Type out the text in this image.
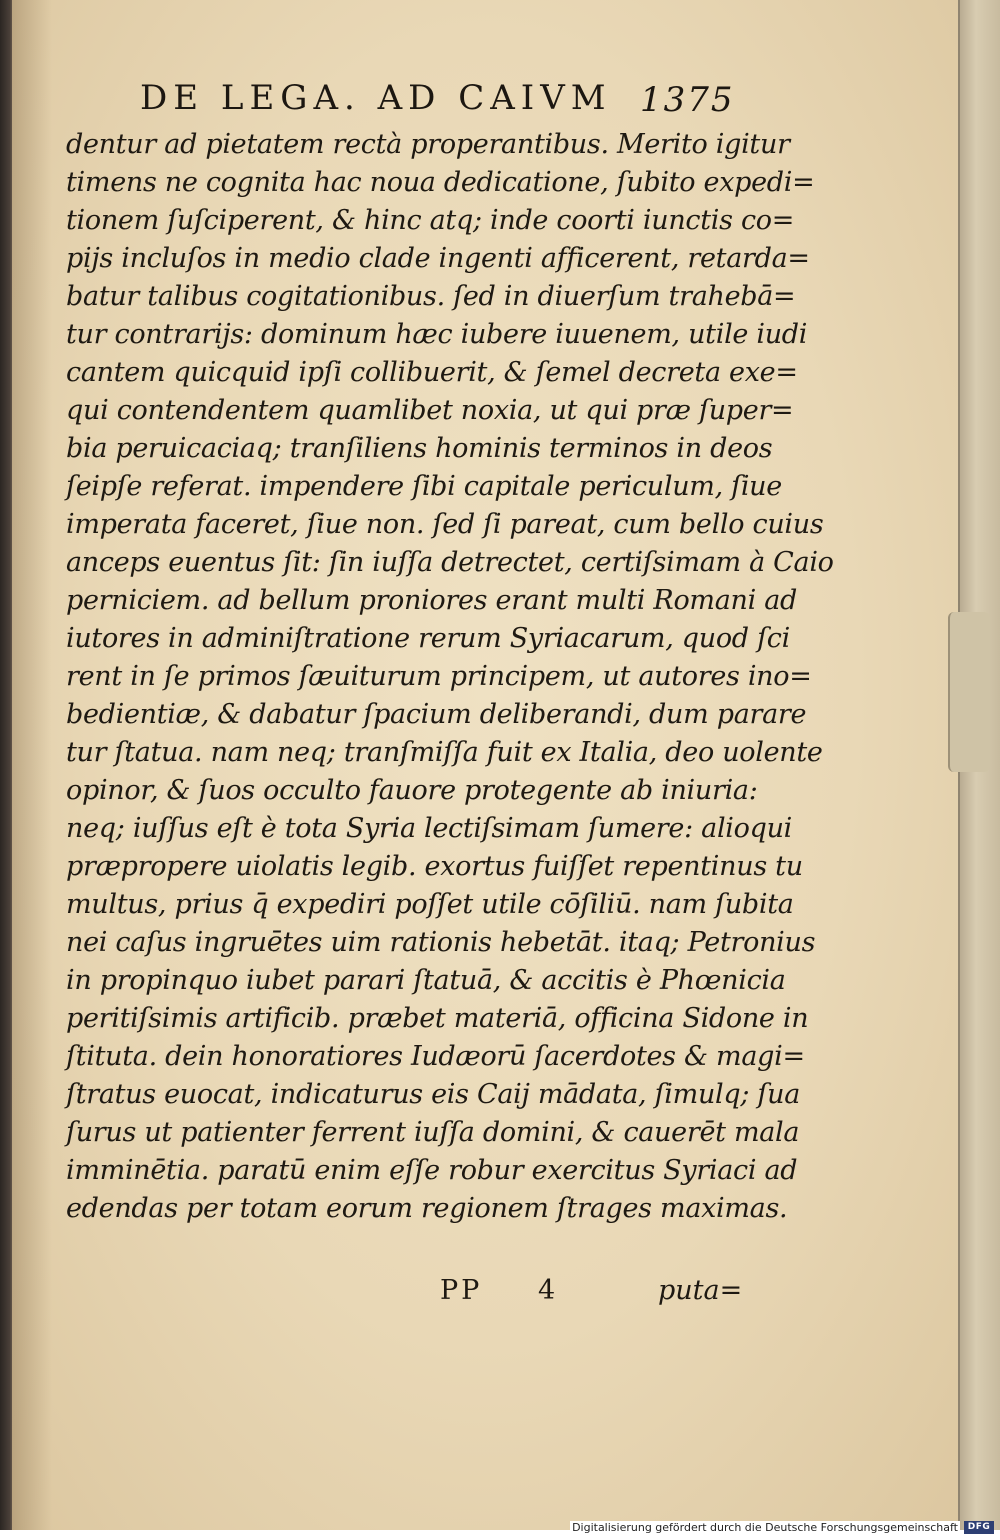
DE LEGA. AD CAIVM 1375
dentur ad pietatem rectà properantibus. Merito igitur
timens ne cognita hac noua dedicatione, ſubito expedi=
tionem ſuſciperent, & hinc atq; inde coorti iunctis co=
pijs incluſos in medio clade ingenti afficerent, retarda=
batur talibus cogitationibus. ſed in diuerſum trahebā=
tur contrarijs: dominum hæc iubere iuuenem, utile iudi
cantem quicquid ipſi collibuerit, & ſemel decreta exe=
qui contendentem quamlibet noxia, ut qui præ ſuper=
bia peruicaciaq; tranſiliens hominis terminos in deos
ſeipſe referat. impendere ſibi capitale periculum, ſiue
imperata faceret, ſiue non. ſed ſi pareat, cum bello cuius
anceps euentus ſit: ſin iuſſa detrectet, certiſsimam à Caio
perniciem. ad bellum proniores erant multi Romani ad
iutores in adminiſtratione rerum Syriacarum, quod ſci
rent in ſe primos ſæuiturum principem, ut autores ino=
bedientiæ, & dabatur ſpacium deliberandi, dum parare
tur ſtatua. nam neq; tranſmiſſa fuit ex Italia, deo uolente
opinor, & ſuos occulto fauore protegente ab iniuria:
neq; iuſſus eſt è tota Syria lectiſsimam ſumere: alioqui
præpropere uiolatis legib. exortus fuiſſet repentinus tu
multus, prius q̄ expediri poſſet utile cōſiliū. nam ſubita
nei caſus ingruētes uim rationis hebetāt. itaq; Petronius
in propinquo iubet parari ſtatuā, & accitis è Phœnicia
peritiſsimis artificib. præbet materiā, officina Sidone in
ſtituta. dein honoratiores Iudæorū ſacerdotes & magi=
ſtratus euocat, indicaturus eis Caij mādata, ſimulq; ſua
ſurus ut patienter ferrent iuſſa domini, & cauerēt mala
imminētia. paratū enim eſſe robur exercitus Syriaci ad
edendas per totam eorum regionem ſtrages maximas.
PP 4	puta=
Digitalisierung gefördert durch die Deutsche Forschungsgemeinschaft	DFG
